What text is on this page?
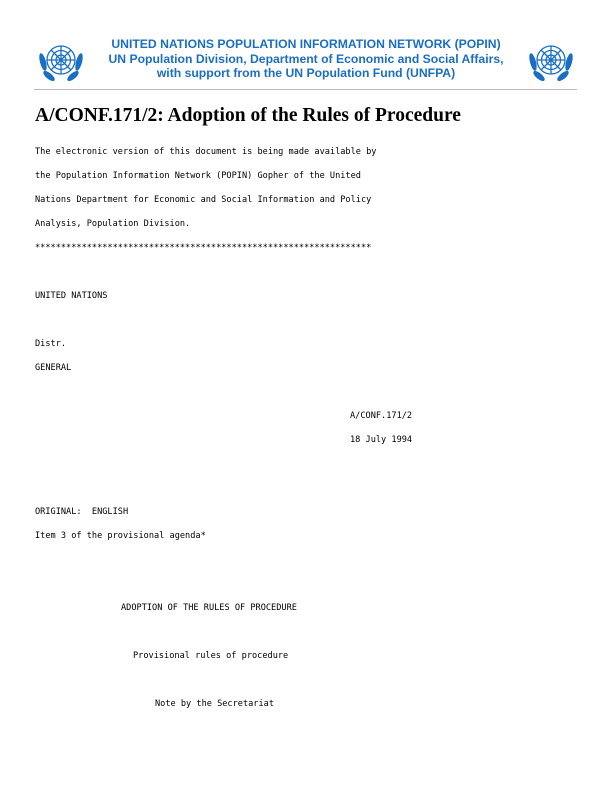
UNITED NATIONS POPULATION INFORMATION NETWORK (POPIN)
UN Population Division, Department of Economic and Social Affairs,
with support from the UN Population Fund (UNFPA)
A/CONF.171/2: Adoption of the Rules of Procedure
The electronic version of this document is being made available by
the Population Information Network (POPIN) Gopher of the United
Nations Department for Economic and Social Information and Policy
Analysis, Population Division.
*****************************************************************
UNITED NATIONS
Distr.
GENERAL
A/CONF.171/2
18 July 1994
ORIGINAL:  ENGLISH
Item 3 of the provisional agenda*
ADOPTION OF THE RULES OF PROCEDURE
Provisional rules of procedure
Note by the Secretariat
